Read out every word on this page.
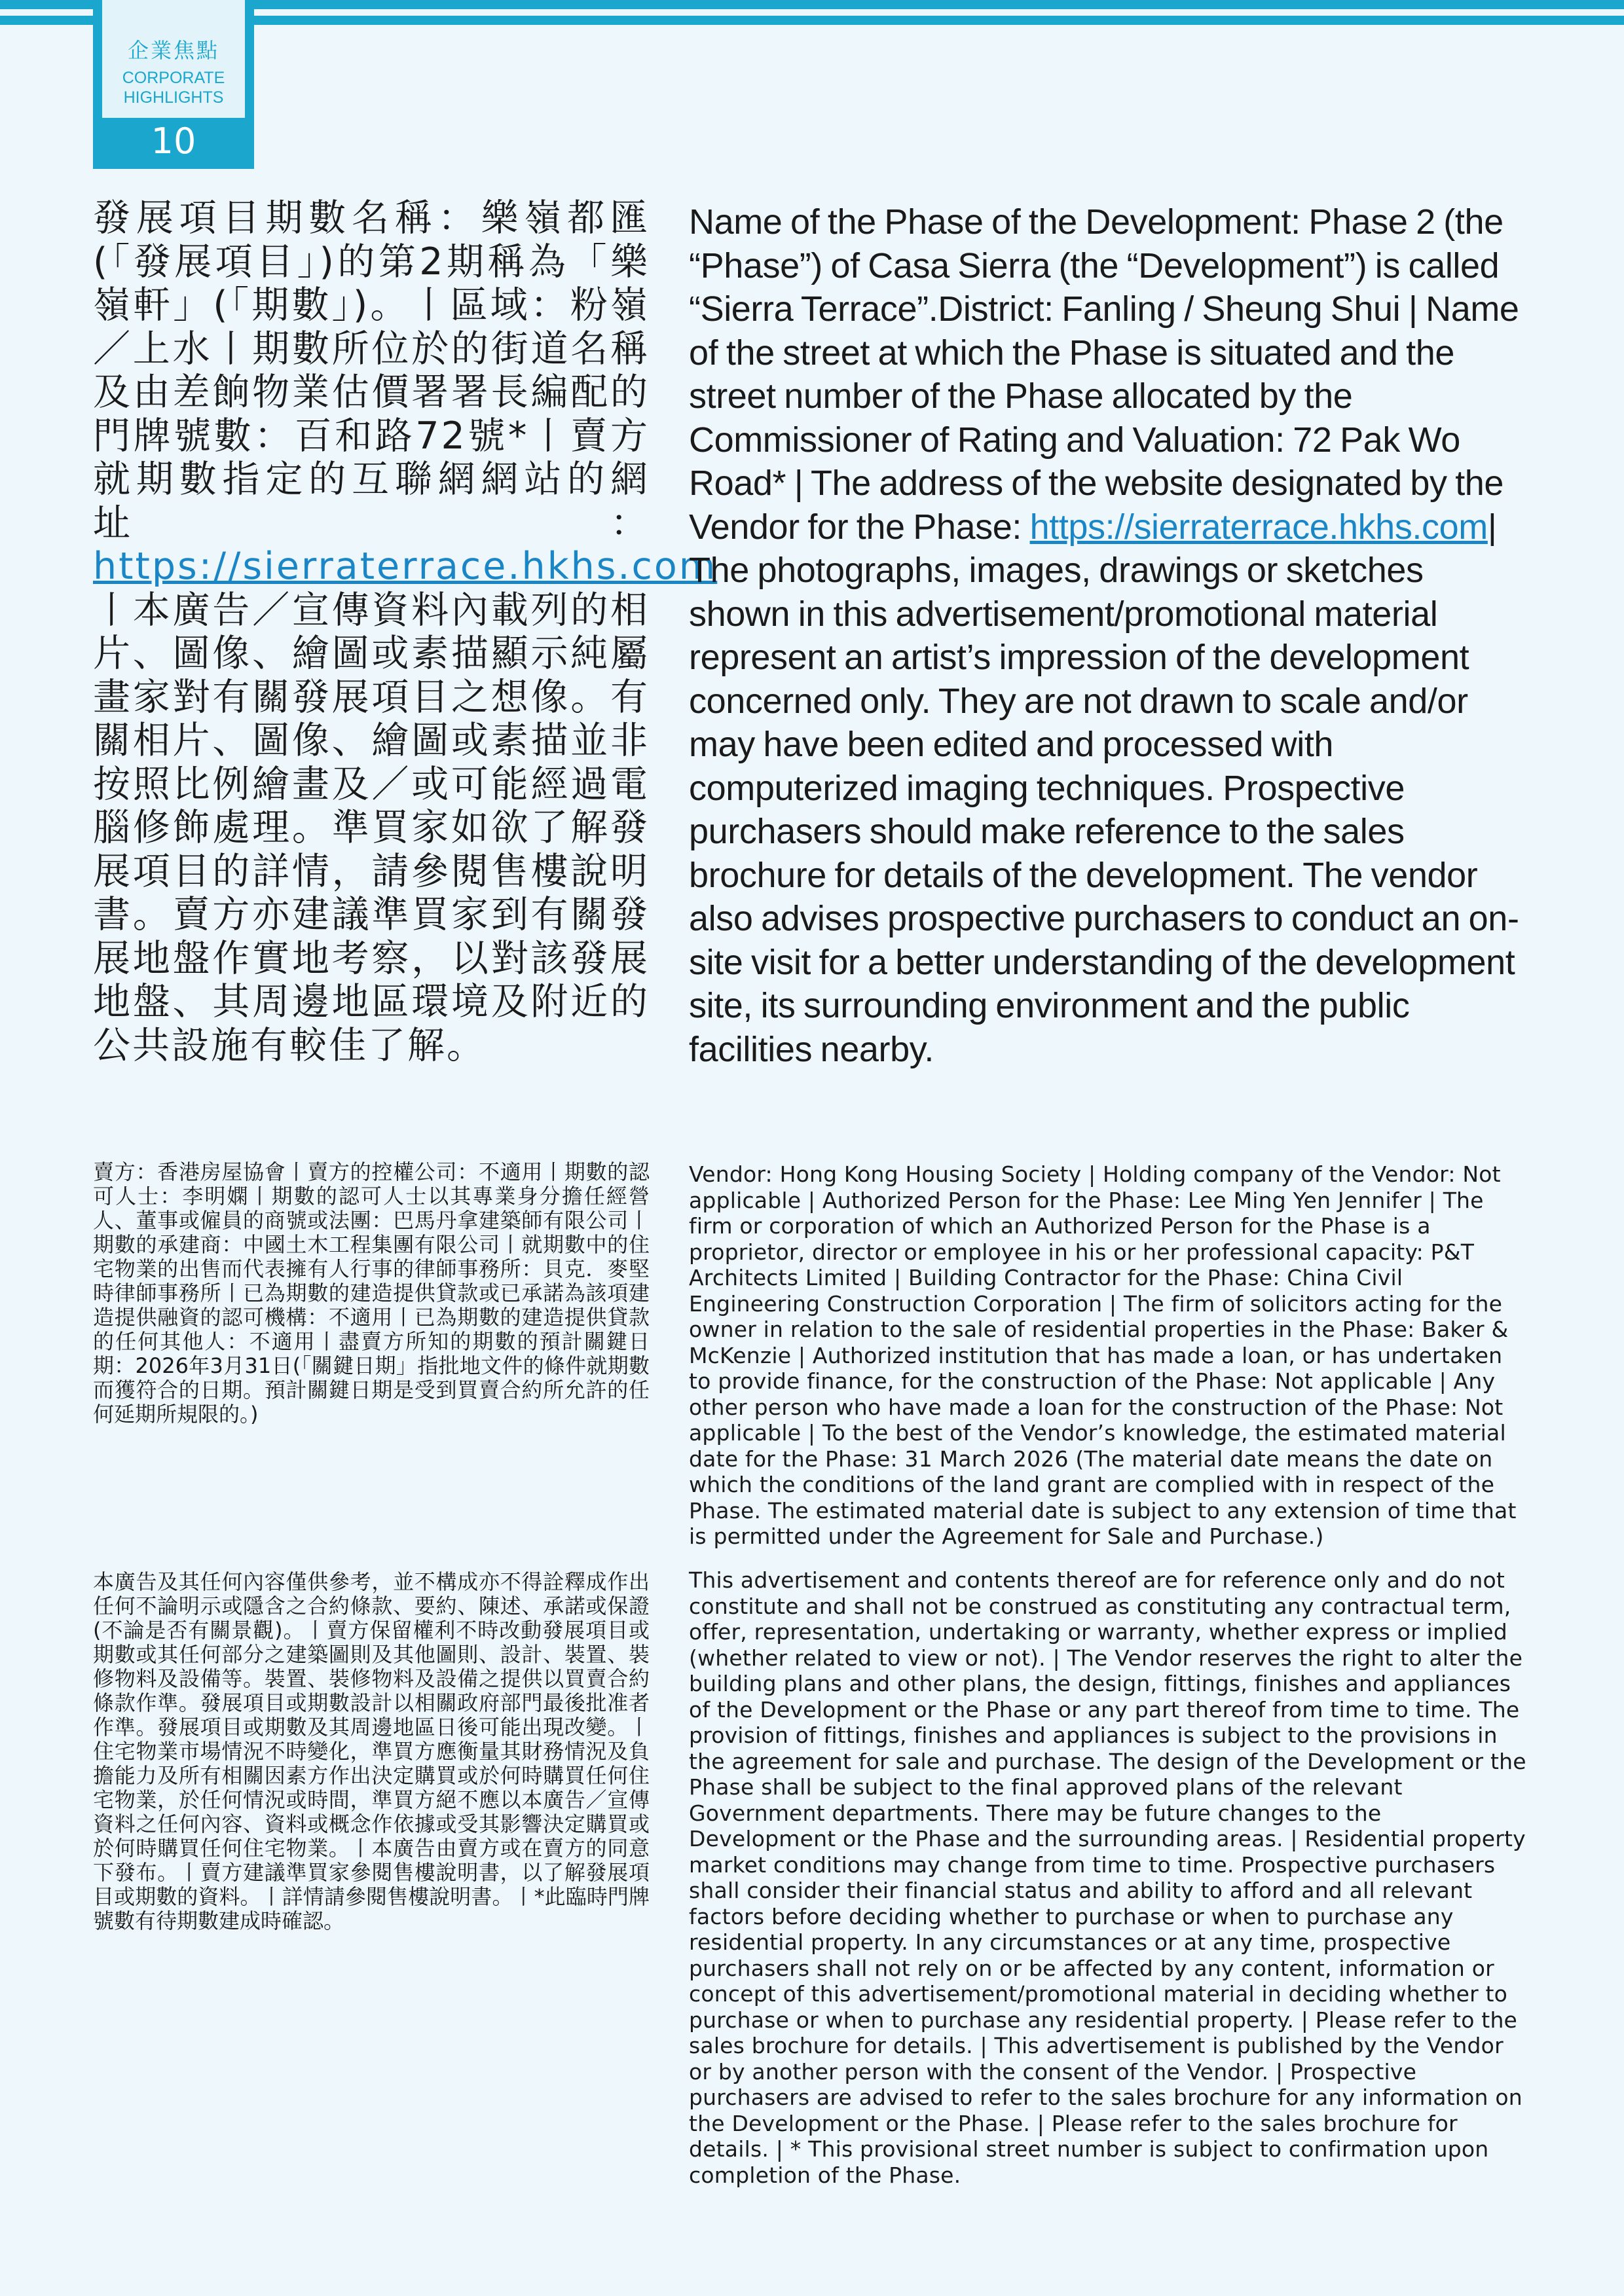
企業焦點
CORPORATE
HIGHLIGHTS
10

發展項目期數名稱：樂嶺都匯(「發展項目」)的第2期稱為「樂嶺軒」(「期數」)。丨區域：粉嶺／上水丨期數所位於的街道名稱及由差餉物業估價署署長編配的門牌號數：百和路72號*丨賣方就期數指定的互聯網網站的網址：https://sierraterrace.hkhs.com丨本廣告／宣傳資料內載列的相片、圖像、繪圖或素描顯示純屬畫家對有關發展項目之想像。有關相片、圖像、繪圖或素描並非按照比例繪畫及／或可能經過電腦修飾處理。準買家如欲了解發展項目的詳情，請參閱售樓說明書。賣方亦建議準買家到有關發展地盤作實地考察，以對該發展地盤、其周邊地區環境及附近的公共設施有較佳了解。

賣方：香港房屋協會丨賣方的控權公司：不適用丨期數的認可人士：李明嫻丨期數的認可人士以其專業身分擔任經營人、董事或僱員的商號或法團：巴馬丹拿建築師有限公司丨期數的承建商：中國土木工程集團有限公司丨就期數中的住宅物業的出售而代表擁有人行事的律師事務所：貝克．麥堅時律師事務所丨已為期數的建造提供貸款或已承諾為該項建造提供融資的認可機構：不適用丨已為期數的建造提供貸款的任何其他人：不適用丨盡賣方所知的期數的預計關鍵日期：2026年3月31日(「關鍵日期」指批地文件的條件就期數而獲符合的日期。預計關鍵日期是受到買賣合約所允許的任何延期所規限的。)

本廣告及其任何內容僅供參考，並不構成亦不得詮釋成作出任何不論明示或隱含之合約條款、要約、陳述、承諾或保證(不論是否有關景觀)。丨賣方保留權利不時改動發展項目或期數或其任何部分之建築圖則及其他圖則、設計、裝置、裝修物料及設備等。裝置、裝修物料及設備之提供以買賣合約條款作準。發展項目或期數設計以相關政府部門最後批准者作準。發展項目或期數及其周邊地區日後可能出現改變。丨住宅物業市場情況不時變化，準買方應衡量其財務情況及負擔能力及所有相關因素方作出決定購買或於何時購買任何住宅物業，於任何情況或時間，準買方絕不應以本廣告／宣傳資料之任何內容、資料或概念作依據或受其影響決定購買或於何時購買任何住宅物業。丨本廣告由賣方或在賣方的同意下發布。丨賣方建議準買家參閱售樓說明書，以了解發展項目或期數的資料。丨詳情請參閱售樓說明書。丨*此臨時門牌號數有待期數建成時確認。

Name of the Phase of the Development: Phase 2 (the “Phase”) of Casa Sierra (the “Development”) is called “Sierra Terrace”.District: Fanling / Sheung Shui | Name of the street at which the Phase is situated and the street number of the Phase allocated by the Commissioner of Rating and Valuation: 72 Pak Wo Road* | The address of the website designated by the Vendor for the Phase: https://sierraterrace.hkhs.com| The photographs, images, drawings or sketches shown in this advertisement/promotional material represent an artist’s impression of the development concerned only. They are not drawn to scale and/or may have been edited and processed with computerized imaging techniques. Prospective purchasers should make reference to the sales brochure for details of the development. The vendor also advises prospective purchasers to conduct an on-site visit for a better understanding of the development site, its surrounding environment and the public facilities nearby.

Vendor: Hong Kong Housing Society | Holding company of the Vendor: Not applicable | Authorized Person for the Phase: Lee Ming Yen Jennifer | The firm or corporation of which an Authorized Person for the Phase is a proprietor, director or employee in his or her professional capacity: P&T Architects Limited | Building Contractor for the Phase: China Civil Engineering Construction Corporation | The firm of solicitors acting for the owner in relation to the sale of residential properties in the Phase: Baker & McKenzie | Authorized institution that has made a loan, or has undertaken to provide finance, for the construction of the Phase: Not applicable | Any other person who have made a loan for the construction of the Phase: Not applicable | To the best of the Vendor’s knowledge, the estimated material date for the Phase: 31 March 2026 (The material date means the date on which the conditions of the land grant are complied with in respect of the Phase. The estimated material date is subject to any extension of time that is permitted under the Agreement for Sale and Purchase.)

This advertisement and contents thereof are for reference only and do not constitute and shall not be construed as constituting any contractual term, offer, representation, undertaking or warranty, whether express or implied (whether related to view or not). | The Vendor reserves the right to alter the building plans and other plans, the design, fittings, finishes and appliances of the Development or the Phase or any part thereof from time to time. The provision of fittings, finishes and appliances is subject to the provisions in the agreement for sale and purchase. The design of the Development or the Phase shall be subject to the final approved plans of the relevant Government departments. There may be future changes to the Development or the Phase and the surrounding areas. | Residential property market conditions may change from time to time. Prospective purchasers shall consider their financial status and ability to afford and all relevant factors before deciding whether to purchase or when to purchase any residential property. In any circumstances or at any time, prospective purchasers shall not rely on or be affected by any content, information or concept of this advertisement/promotional material in deciding whether to purchase or when to purchase any residential property. | Please refer to the sales brochure for details. | This advertisement is published by the Vendor or by another person with the consent of the Vendor. | Prospective purchasers are advised to refer to the sales brochure for any information on the Development or the Phase. | Please refer to the sales brochure for details. | * This provisional street number is subject to confirmation upon completion of the Phase.
